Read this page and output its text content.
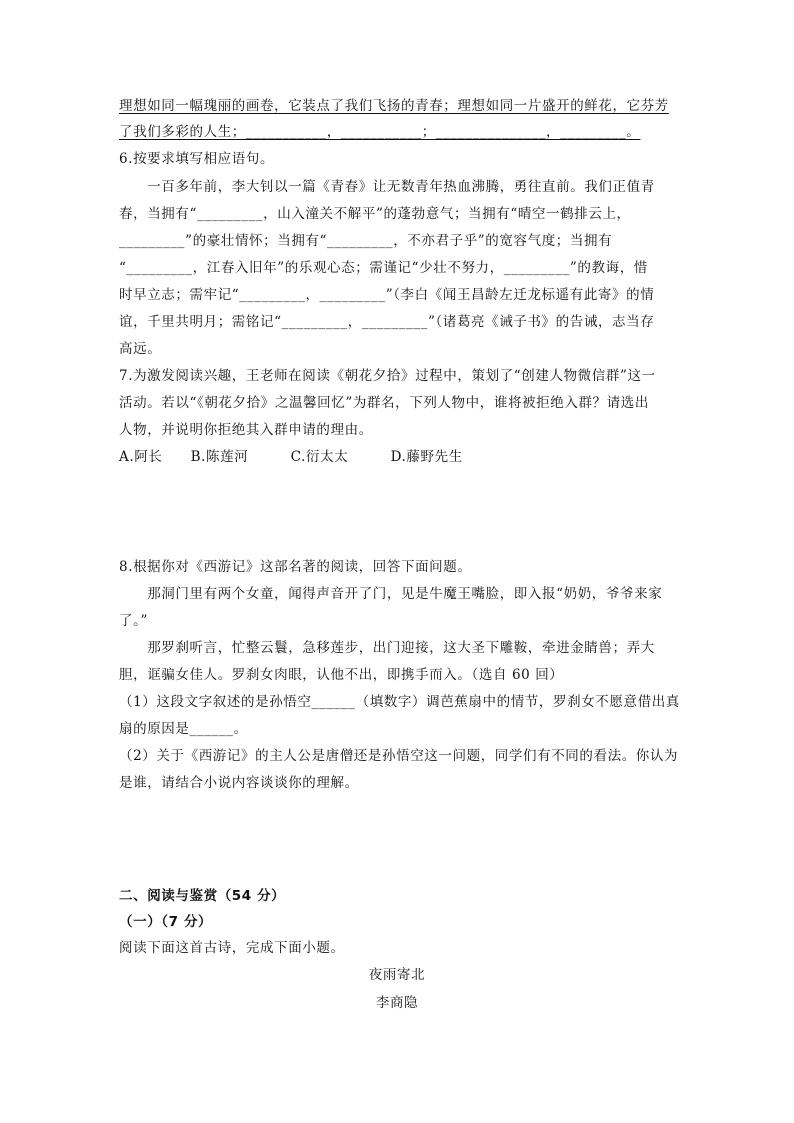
理想如同一幅瑰丽的画卷，它装点了我们飞扬的青春；理想如同一片盛开的鲜花，它芬芳
了我们多彩的人生；___________，___________；_______________，_________。
6.按要求填写相应语句。
　　一百多年前，李大钊以一篇《青春》让无数青年热血沸腾，勇往直前。我们正值青
春，当拥有“_________，山入潼关不解平”的蓬勃意气；当拥有“晴空一鹤排云上，
_________”的豪壮情怀；当拥有“_________，不亦君子乎”的宽容气度；当拥有
“_________，江春入旧年”的乐观心态；需谨记“少壮不努力，_________”的教诲，惜
时早立志；需牢记“_________，_________”（李白《闻王昌龄左迁龙标遥有此寄》的情
谊，千里共明月；需铭记“_________，_________”（诸葛亮《诫子书》的告诫，志当存
高远。
7.为激发阅读兴趣，王老师在阅读《朝花夕拾》过程中，策划了“创建人物微信群”这一
活动。若以“《朝花夕拾》之温馨回忆”为群名，下列人物中，谁将被拒绝入群？请选出
人物，并说明你拒绝其入群申请的理由。
A.阿长　　B.陈莲河　　　C.衍太太　　　D.藤野先生
8.根据你对《西游记》这部名著的阅读，回答下面问题。
　　那洞门里有两个女童，闻得声音开了门，见是牛魔王嘴脸，即入报“奶奶，爷爷来家
了。”
　　那罗刹听言，忙整云鬟，急移莲步，出门迎接，这大圣下雕鞍，牵进金睛兽；弄大
胆，诓骗女佳人。罗刹女肉眼，认他不出，即携手而入。（选自 60 回）
（1）这段文字叙述的是孙悟空______（填数字）调芭蕉扇中的情节，罗刹女不愿意借出真
扇的原因是______。
（2）关于《西游记》的主人公是唐僧还是孙悟空这一问题，同学们有不同的看法。你认为
是谁，请结合小说内容谈谈你的理解。
二、阅读与鉴赏（54 分）
（一）（7 分）
阅读下面这首古诗，完成下面小题。
夜雨寄北
李商隐
